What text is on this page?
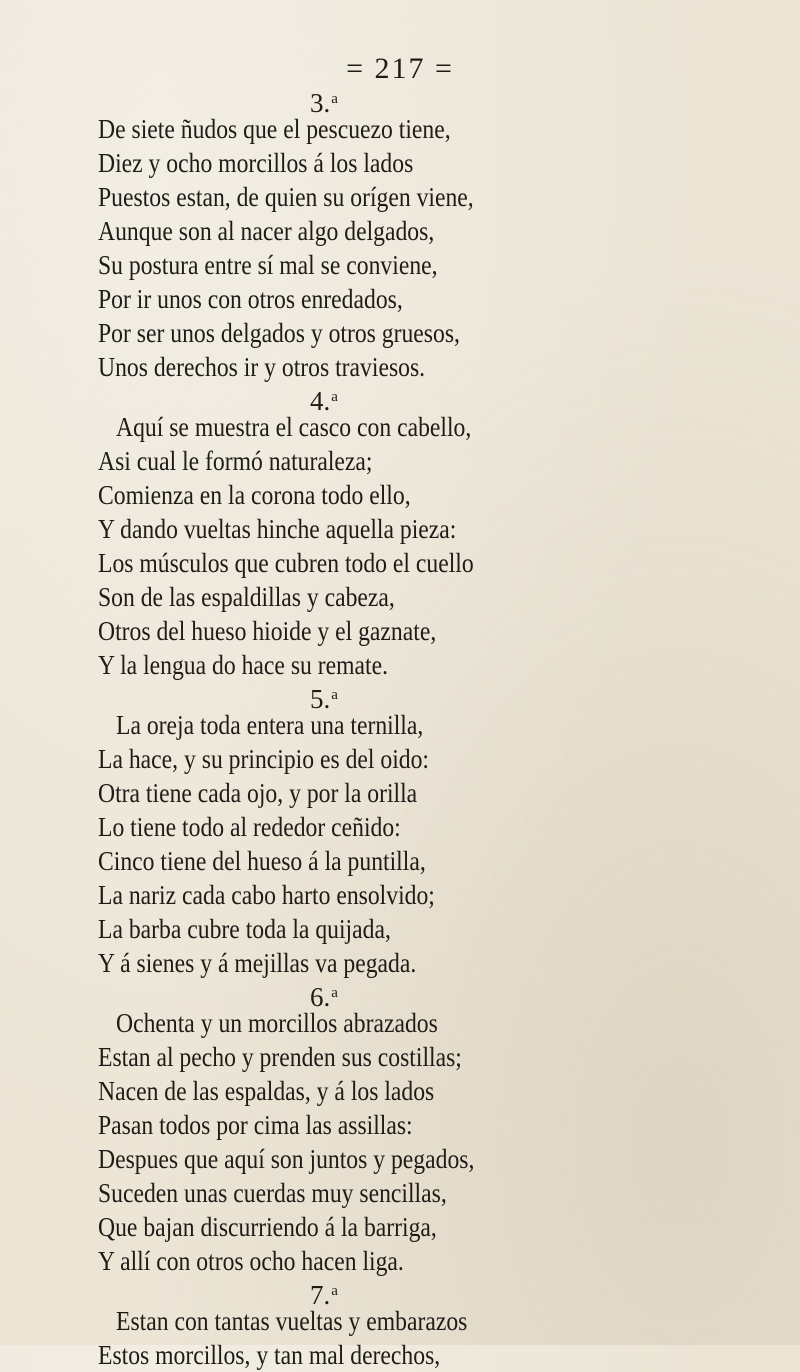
= 217 =
3.$^a$
De siete ñudos que el pescuezo tiene,
Diez y ocho morcillos á los lados
Puestos estan, de quien su orígen viene,
Aunque son al nacer algo delgados,
Su postura entre sí mal se conviene,
Por ir unos con otros enredados,
Por ser unos delgados y otros gruesos,
Unos derechos ir y otros traviesos.
4.$^a$
Aquí se muestra el casco con cabello,
Asi cual le formó naturaleza;
Comienza en la corona todo ello,
Y dando vueltas hinche aquella pieza:
Los músculos que cubren todo el cuello
Son de las espaldillas y cabeza,
Otros del hueso hioide y el gaznate,
Y la lengua do hace su remate.
5.$^a$
La oreja toda entera una ternilla,
La hace, y su principio es del oido:
Otra tiene cada ojo, y por la orilla
Lo tiene todo al rededor ceñido:
Cinco tiene del hueso á la puntilla,
La nariz cada cabo harto ensolvido;
La barba cubre toda la quijada,
Y á sienes y á mejillas va pegada.
6.$^a$
Ochenta y un morcillos abrazados
Estan al pecho y prenden sus costillas;
Nacen de las espaldas, y á los lados
Pasan todos por cima las assillas:
Despues que aquí son juntos y pegados,
Suceden unas cuerdas muy sencillas,
Que bajan discurriendo á la barriga,
Y allí con otros ocho hacen liga.
7.$^a$
Estan con tantas vueltas y embarazos
Estos morcillos, y tan mal derechos,
